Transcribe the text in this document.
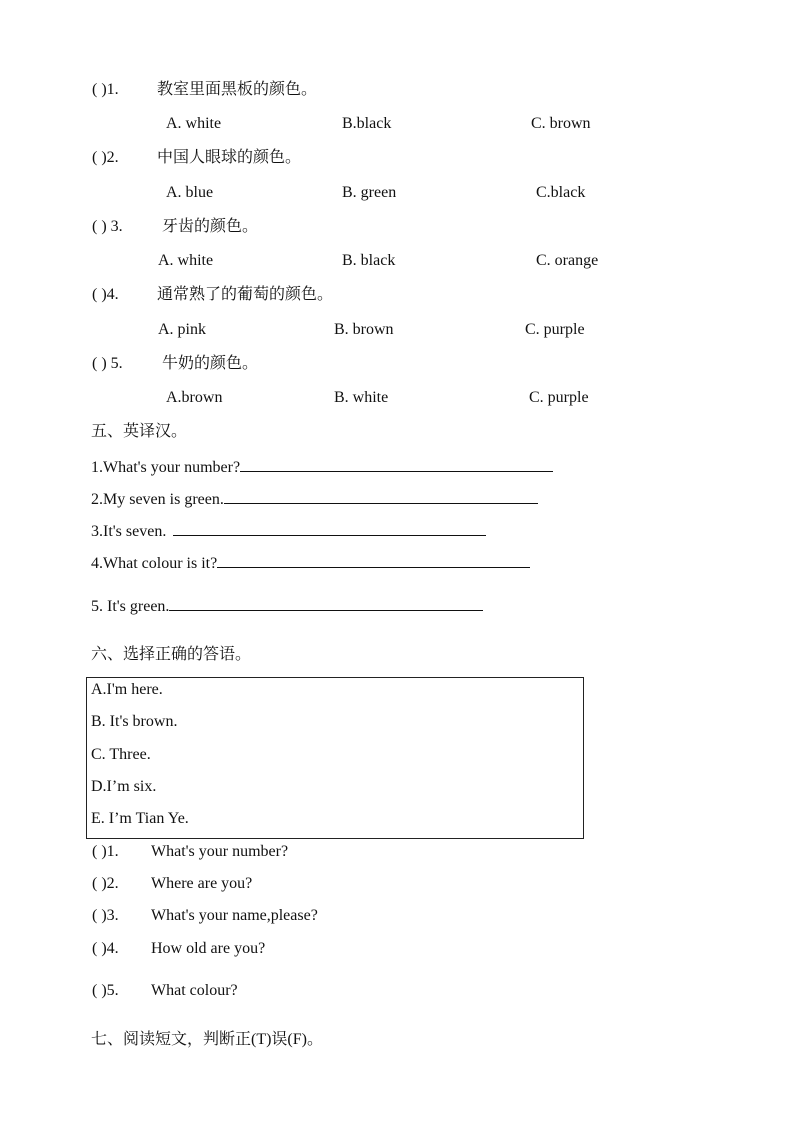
( )1. 教室里面黑板的颜色。
A. white	B.black	C. brown
( )2. 中国人眼球的颜色。
A. blue	B. green	C.black
( ) 3. 牙齿的颜色。
A. white	B. black	C. orange
( )4. 通常熟了的葡萄的颜色。
A. pink	B. brown	C. purple
( ) 5. 牛奶的颜色。
A.brown	B. white	C. purple
五、英译汉。
1.What's your number?
2.My seven is green.
3.It's seven.
4.What colour is it?
5. It's green.
六、选择正确的答语。
A.I'm here.
B. It's brown.
C. Three.
D.I’m six.
E. I’m Tian Ye.
( )1. What's your number?
( )2. Where are you?
( )3. What's your name,please?
( )4. How old are you?
( )5. What colour?
七、阅读短文，判断正(T)误(F)。
